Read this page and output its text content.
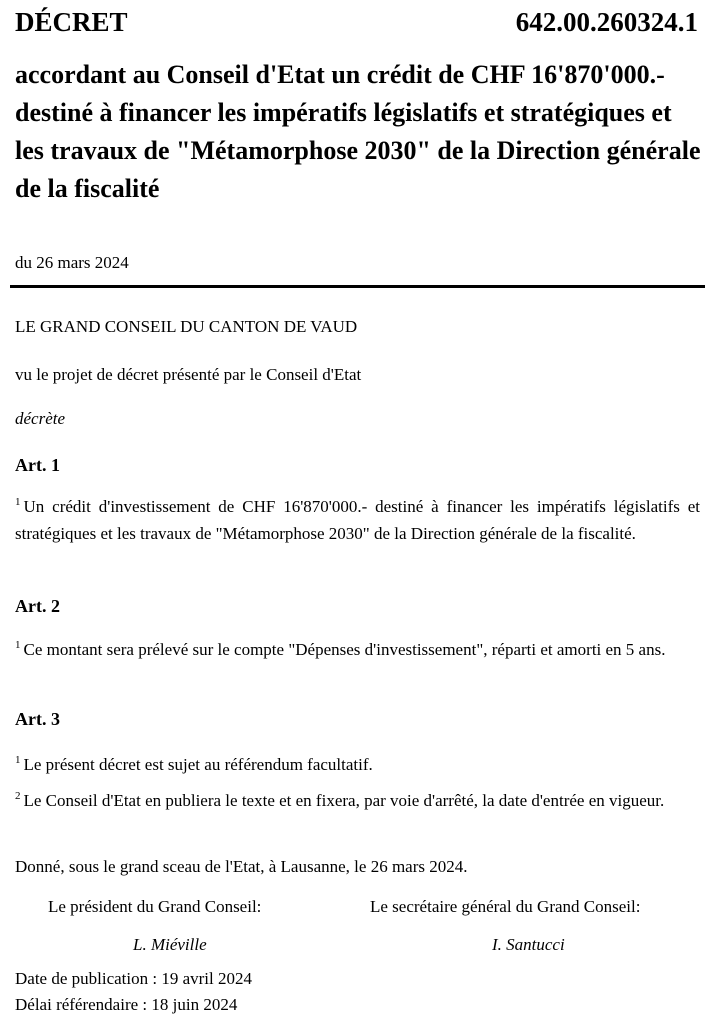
DÉCRET	642.00.260324.1
accordant au Conseil d'Etat un crédit de CHF 16'870'000.- destiné à financer les impératifs législatifs et stratégiques et les travaux de "Métamorphose 2030" de la Direction générale de la fiscalité
du 26 mars 2024
LE GRAND CONSEIL DU CANTON DE VAUD
vu le projet de décret présenté par le Conseil d'Etat
décrète
Art. 1
$^1$ Un crédit d'investissement de CHF 16'870'000.- destiné à financer les impératifs législatifs et stratégiques et les travaux de "Métamorphose 2030" de la Direction générale de la fiscalité.
Art. 2
$^1$ Ce montant sera prélevé sur le compte "Dépenses d'investissement", réparti et amorti en 5 ans.
Art. 3
$^1$ Le présent décret est sujet au référendum facultatif.
$^2$ Le Conseil d'Etat en publiera le texte et en fixera, par voie d'arrêté, la date d'entrée en vigueur.
Donné, sous le grand sceau de l'Etat, à Lausanne, le 26 mars 2024.
Le président du Grand Conseil:	Le secrétaire général du Grand Conseil:
L. Miéville	I. Santucci
Date de publication : 19 avril 2024
Délai référendaire : 18 juin 2024
